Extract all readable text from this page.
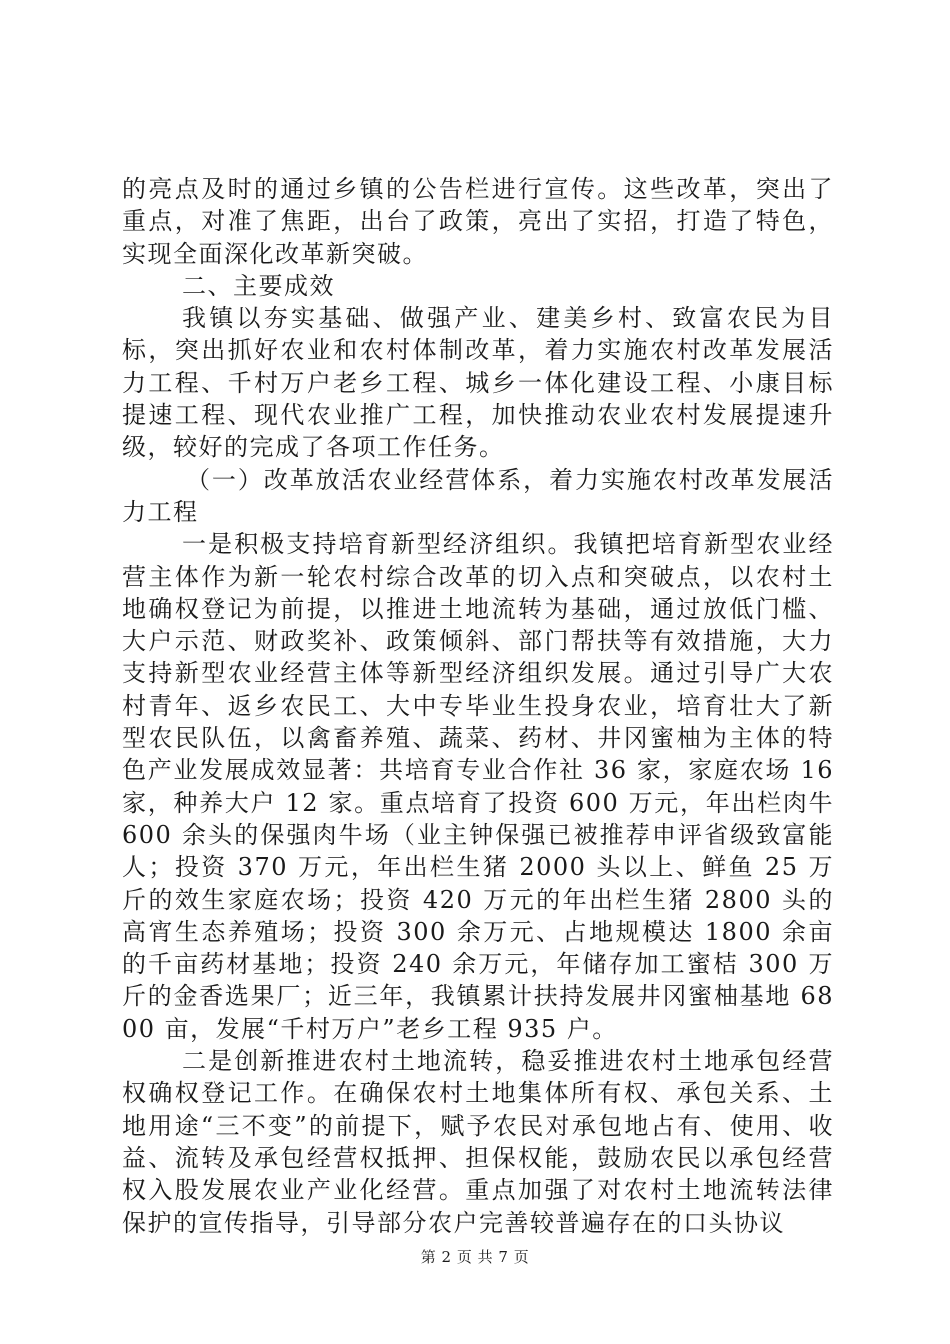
的亮点及时的通过乡镇的公告栏进行宣传。这些改革，突出了重点，对准了焦距，出台了政策，亮出了实招，打造了特色，实现全面深化改革新突破。

二、主要成效

我镇以夯实基础、做强产业、建美乡村、致富农民为目标，突出抓好农业和农村体制改革，着力实施农村改革发展活力工程、千村万户老乡工程、城乡一体化建设工程、小康目标提速工程、现代农业推广工程，加快推动农业农村发展提速升级，较好的完成了各项工作任务。

（一）改革放活农业经营体系，着力实施农村改革发展活力工程

一是积极支持培育新型经济组织。我镇把培育新型农业经营主体作为新一轮农村综合改革的切入点和突破点，以农村土地确权登记为前提，以推进土地流转为基础，通过放低门槛、大户示范、财政奖补、政策倾斜、部门帮扶等有效措施，大力支持新型农业经营主体等新型经济组织发展。通过引导广大农村青年、返乡农民工、大中专毕业生投身农业，培育壮大了新型农民队伍，以禽畜养殖、蔬菜、药材、井冈蜜柚为主体的特色产业发展成效显著：共培育专业合作社 36 家，家庭农场 16 家，种养大户 12 家。重点培育了投资 600 万元，年出栏肉牛600 余头的保强肉牛场（业主钟保强已被推荐申评省级致富能人；投资 370 万元，年出栏生猪 2000 头以上、鲜鱼 25 万斤的效生家庭农场；投资 420 万元的年出栏生猪 2800 头的高宵生态养殖场；投资 300 余万元、占地规模达 1800 余亩的千亩药材基地；投资 240 余万元，年储存加工蜜桔 300 万斤的金香选果厂；近三年，我镇累计扶持发展井冈蜜柚基地 6800 亩，发展“千村万户”老乡工程 935 户。

二是创新推进农村土地流转，稳妥推进农村土地承包经营权确权登记工作。在确保农村土地集体所有权、承包关系、土地用途“三不变”的前提下，赋予农民对承包地占有、使用、收益、流转及承包经营权抵押、担保权能，鼓励农民以承包经营权入股发展农业产业化经营。重点加强了对农村土地流转法律保护的宣传指导，引导部分农户完善较普遍存在的口头协议

第 2 页 共 7 页
